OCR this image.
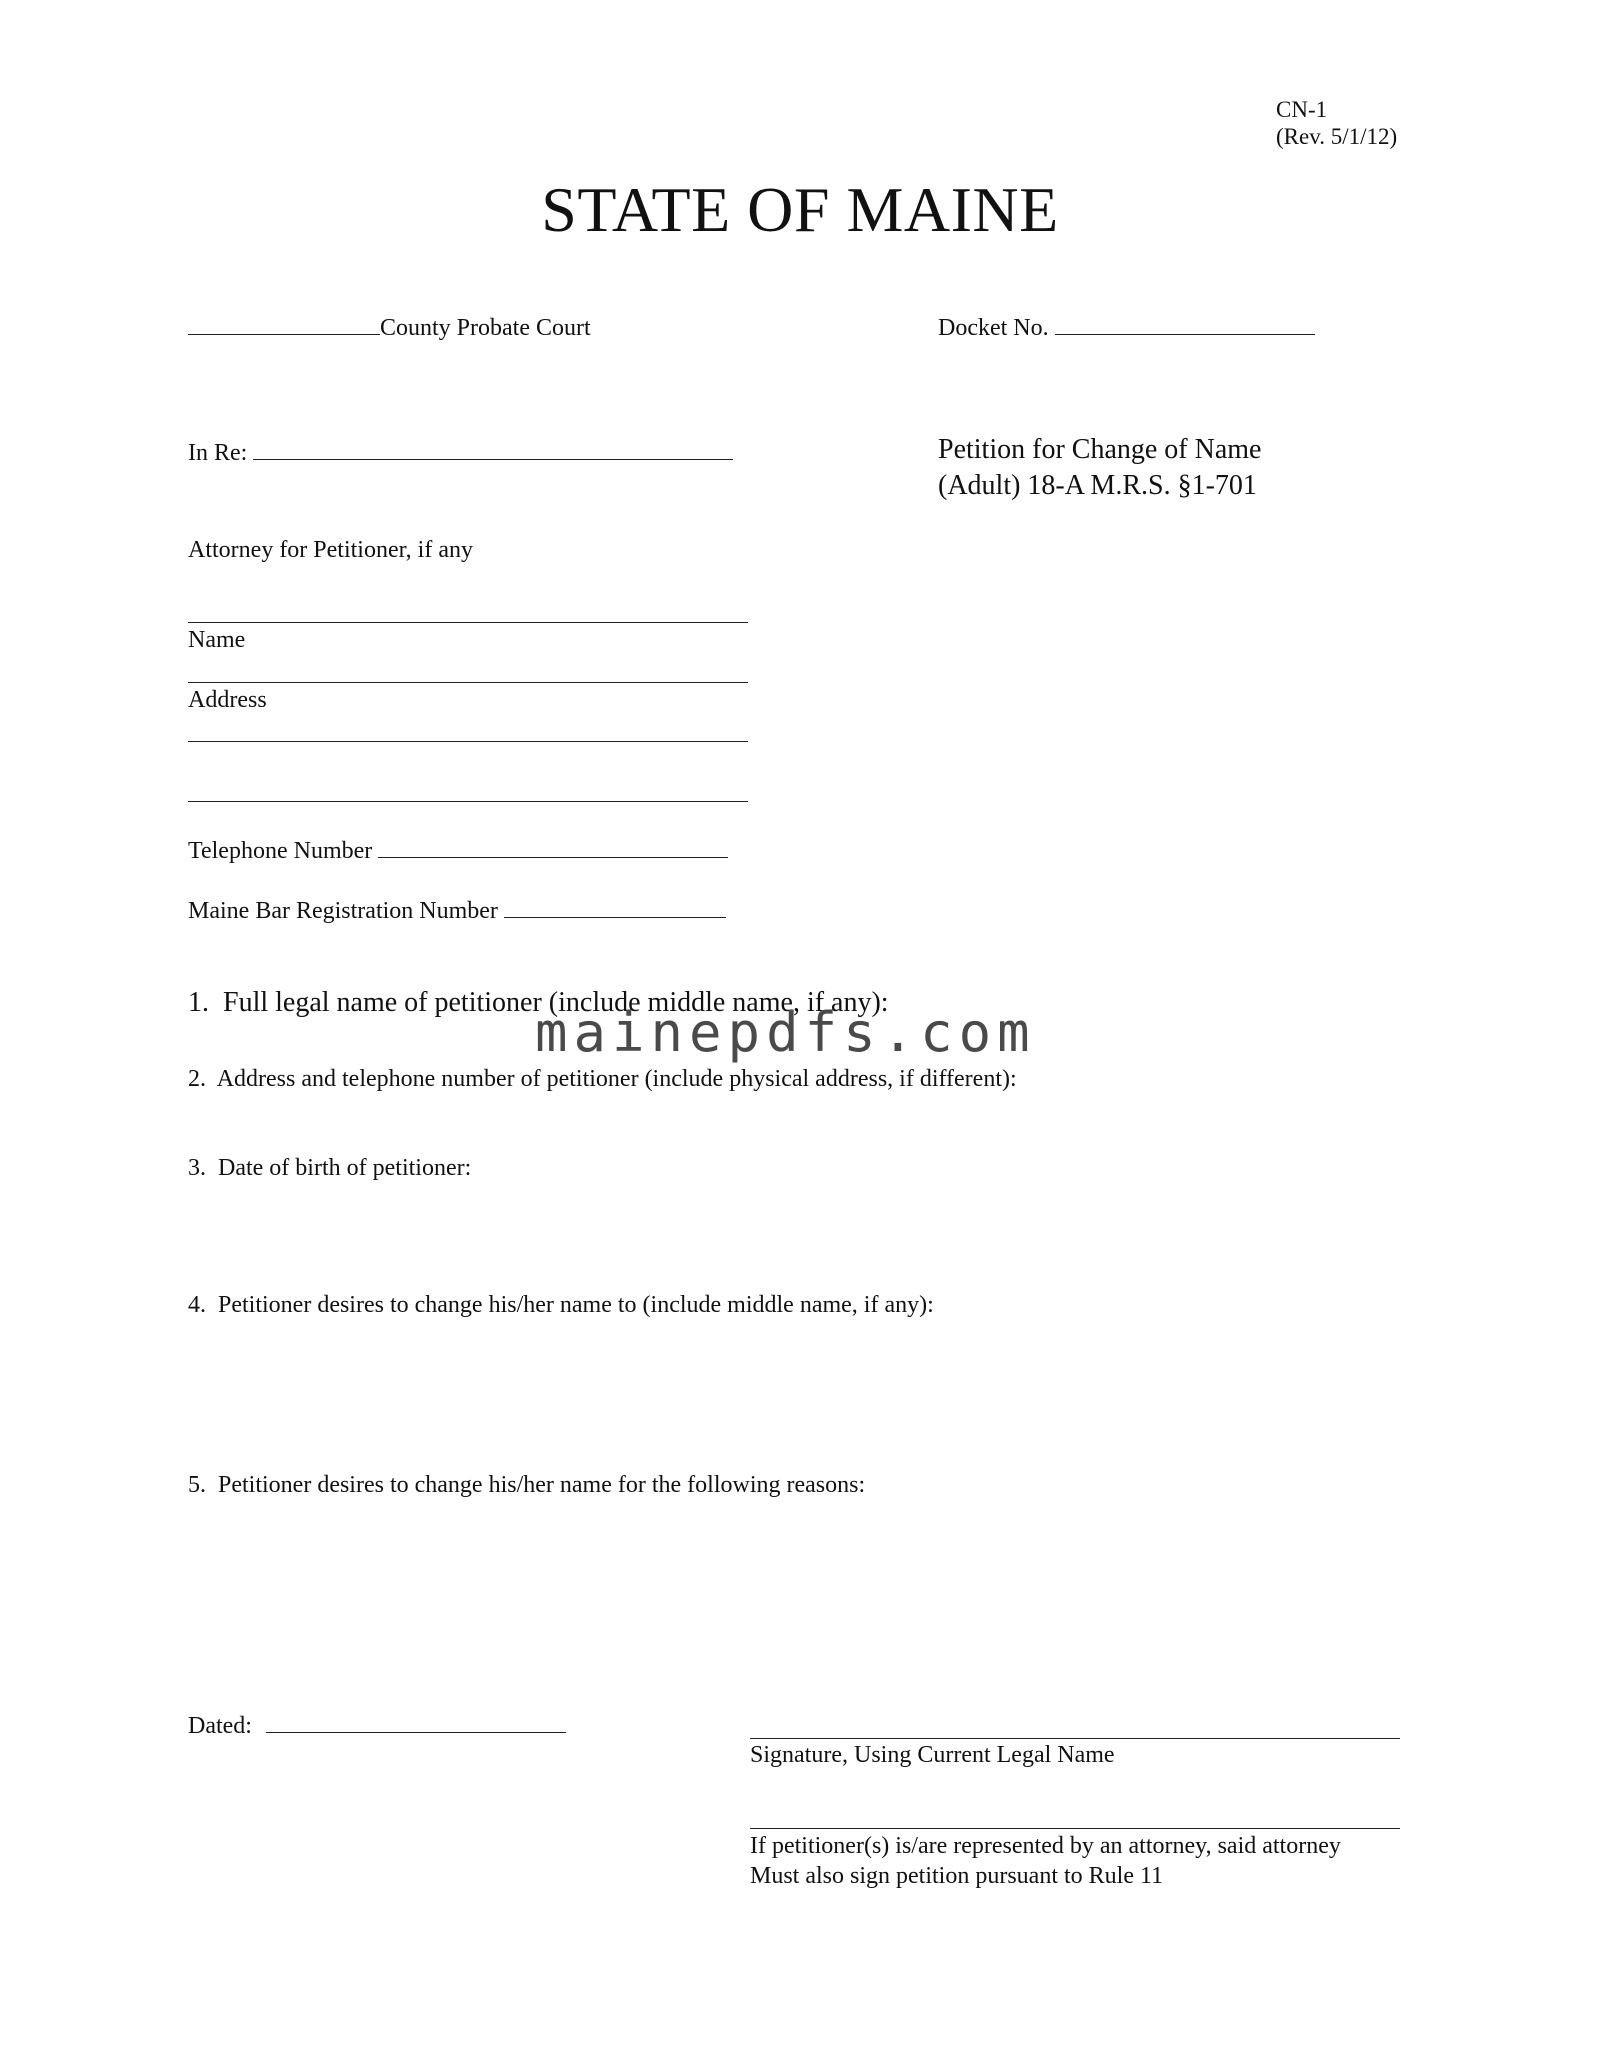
CN-1
(Rev. 5/1/12)
STATE OF MAINE
County Probate Court	Docket No.
In Re:	Petition for Change of Name
(Adult) 18-A M.R.S. §1-701
Attorney for Petitioner, if any
Name
Address
Telephone Number
Maine Bar Registration Number
1. Full legal name of petitioner (include middle name, if any):
mainepdfs.com
2. Address and telephone number of petitioner (include physical address, if different):
3. Date of birth of petitioner:
4. Petitioner desires to change his/her name to (include middle name, if any):
5. Petitioner desires to change his/her name for the following reasons:
Dated:
Signature, Using Current Legal Name
If petitioner(s) is/are represented by an attorney, said attorney
Must also sign petition pursuant to Rule 11
